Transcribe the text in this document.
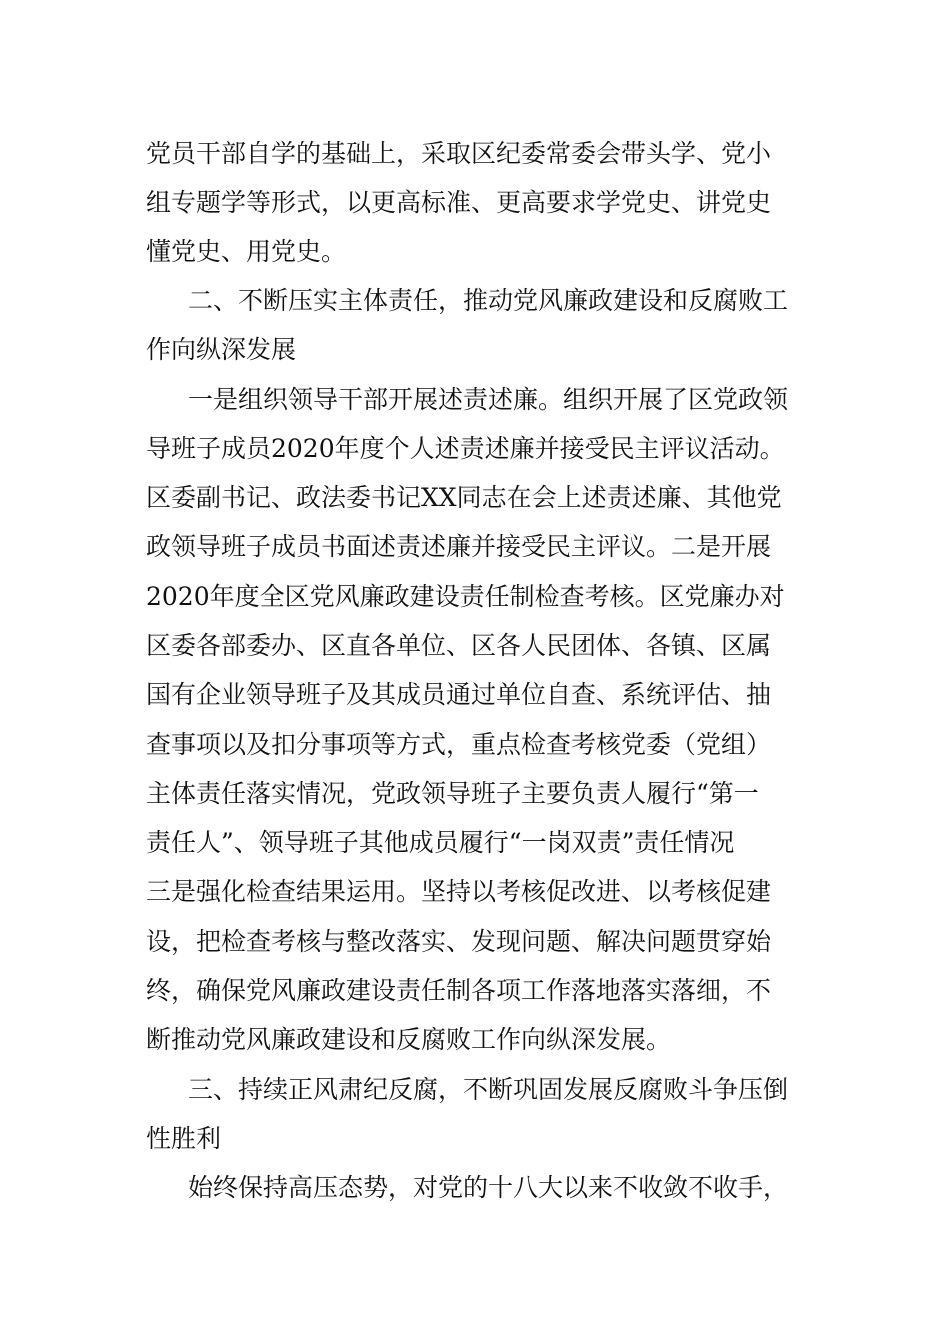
党员干部自学的基础上，采取区纪委常委会带头学、党小
组专题学等形式，以更高标准、更高要求学党史、讲党史
懂党史、用党史。
二、不断压实主体责任，推动党风廉政建设和反腐败工
作向纵深发展
一是组织领导干部开展述责述廉。组织开展了区党政领
导班子成员2020年度个人述责述廉并接受民主评议活动。
区委副书记、政法委书记XX同志在会上述责述廉、其他党
政领导班子成员书面述责述廉并接受民主评议。二是开展
2020年度全区党风廉政建设责任制检查考核。区党廉办对
区委各部委办、区直各单位、区各人民团体、各镇、区属
国有企业领导班子及其成员通过单位自查、系统评估、抽
查事项以及扣分事项等方式，重点检查考核党委（党组）
主体责任落实情况，党政领导班子主要负责人履行“第一
责任人”、领导班子其他成员履行“一岗双责”责任情况
三是强化检查结果运用。坚持以考核促改进、以考核促建
设，把检查考核与整改落实、发现问题、解决问题贯穿始
终，确保党风廉政建设责任制各项工作落地落实落细，不
断推动党风廉政建设和反腐败工作向纵深发展。
三、持续正风肃纪反腐，不断巩固发展反腐败斗争压倒
性胜利
始终保持高压态势，对党的十八大以来不收敛不收手，
